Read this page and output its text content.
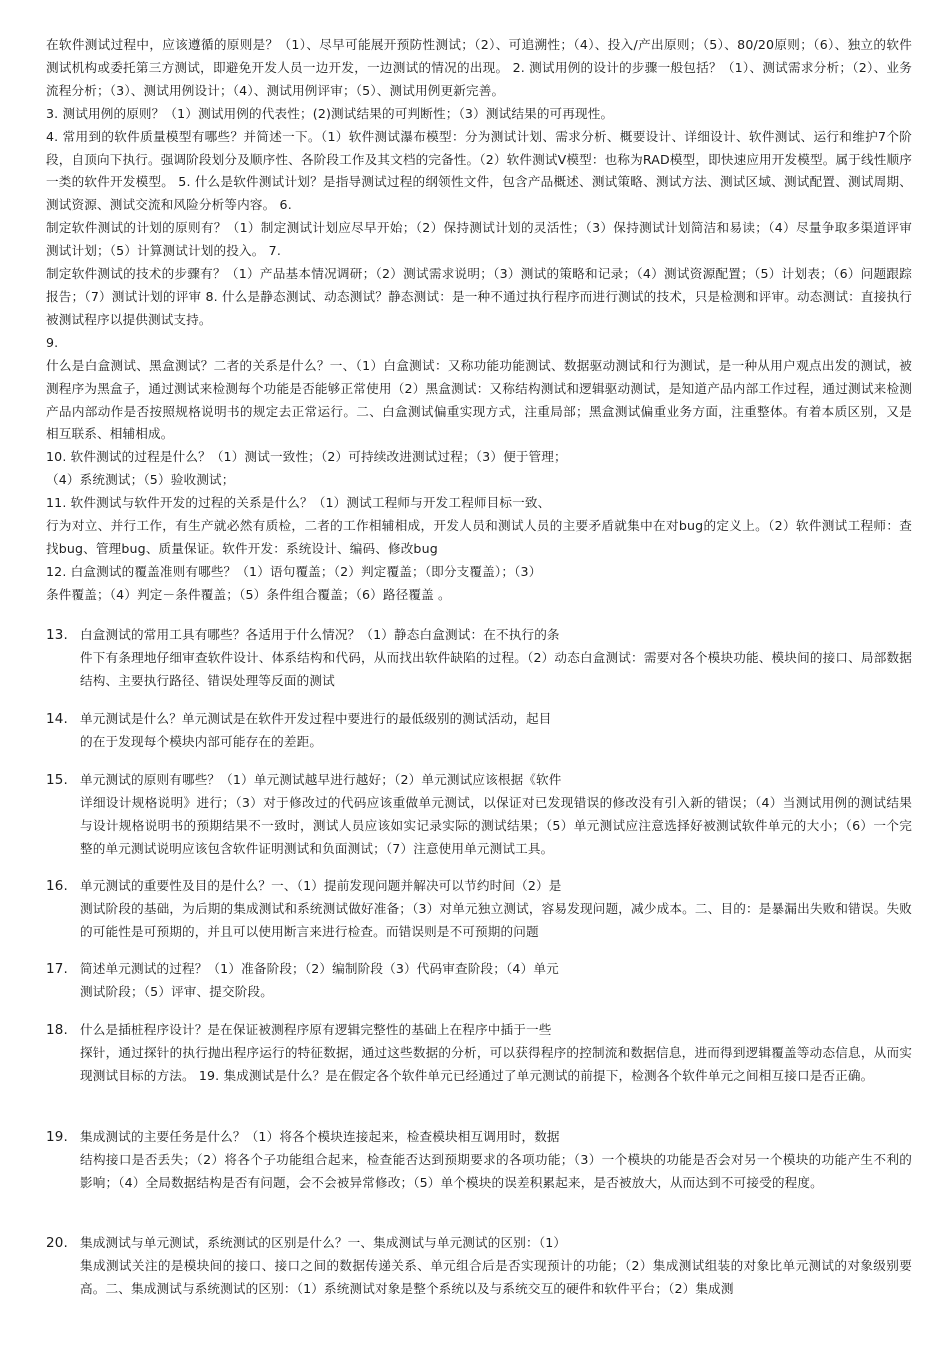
在软件测试过程中，应该遵循的原则是？（1）、尽早可能展开预防性测试；（2）、可追溯性；（4）、投入/产出原则；（5）、80/20原则；（6）、独立的软件测试机构或委托第三方测试，即避免开发人员一边开发，一边测试的情况的出现。 2. 测试用例的设计的步骤一般包括？（1）、测试需求分析；（2）、业务流程分析；（3）、测试用例设计；（4）、测试用例评审；（5）、测试用例更新完善。

3. 测试用例的原则？（1）测试用例的代表性；(2)测试结果的可判断性；（3）测试结果的可再现性。

4. 常用到的软件质量模型有哪些？并简述一下。（1）软件测试瀑布模型：分为测试计划、需求分析、概要设计、详细设计、软件测试、运行和维护7个阶段，自顶向下执行。强调阶段划分及顺序性、各阶段工作及其文档的完备性。（2）软件测试V模型：也称为RAD模型，即快速应用开发模型。属于线性顺序一类的软件开发模型。 5. 什么是软件测试计划？是指导测试过程的纲领性文件，包含产品概述、测试策略、测试方法、测试区域、测试配置、测试周期、测试资源、测试交流和风险分析等内容。 6.

制定软件测试的计划的原则有？（1）制定测试计划应尽早开始；（2）保持测试计划的灵活性；（3）保持测试计划简洁和易读；（4）尽量争取多渠道评审测试计划；（5）计算测试计划的投入。 7.

制定软件测试的技术的步骤有？（1）产品基本情况调研；（2）测试需求说明；（3）测试的策略和记录；（4）测试资源配置；（5）计划表；（6）问题跟踪报告；（7）测试计划的评审 8. 什么是静态测试、动态测试？静态测试：是一种不通过执行程序而进行测试的技术，只是检测和评审。动态测试：直接执行被测试程序以提供测试支持。

9.

什么是白盒测试、黑盒测试？二者的关系是什么？一、（1）白盒测试：又称功能功能测试、数据驱动测试和行为测试，是一种从用户观点出发的测试，被测程序为黑盒子，通过测试来检测每个功能是否能够正常使用（2）黑盒测试：又称结构测试和逻辑驱动测试，是知道产品内部工作过程，通过测试来检测产品内部动作是否按照规格说明书的规定去正常运行。二、白盒测试偏重实现方式，注重局部；黑盒测试偏重业务方面，注重整体。有着本质区别，又是相互联系、相辅相成。

10. 软件测试的过程是什么？（1）测试一致性；（2）可持续改进测试过程；（3）便于管理；

（4）系统测试；（5）验收测试；

11. 软件测试与软件开发的过程的关系是什么？（1）测试工程师与开发工程师目标一致、

行为对立、并行工作，有生产就必然有质检，二者的工作相辅相成，开发人员和测试人员的主要矛盾就集中在对bug的定义上。（2）软件测试工程师：查找bug、管理bug、质量保证。软件开发：系统设计、编码、修改bug

12. 白盒测试的覆盖准则有哪些？（1）语句覆盖；（2）判定覆盖；（即分支覆盖）；（3）

条件覆盖；（4）判定－条件覆盖；（5）条件组合覆盖；（6）路径覆盖 。

13. 白盒测试的常用工具有哪些？各适用于什么情况？（1）静态白盒测试：在不执行的条
件下有条理地仔细审查软件设计、体系结构和代码，从而找出软件缺陷的过程。（2）动态白盒测试：需要对各个模块功能、模块间的接口、局部数据结构、主要执行路径、错误处理等反面的测试
14. 单元测试是什么？单元测试是在软件开发过程中要进行的最低级别的测试活动，起目
的在于发现每个模块内部可能存在的差距。
15. 单元测试的原则有哪些？（1）单元测试越早进行越好；（2）单元测试应该根据《软件
详细设计规格说明》进行；（3）对于修改过的代码应该重做单元测试，以保证对已发现错误的修改没有引入新的错误；（4）当测试用例的测试结果与设计规格说明书的预期结果不一致时，测试人员应该如实记录实际的测试结果；（5）单元测试应注意选择好被测试软件单元的大小；（6）一个完整的单元测试说明应该包含软件证明测试和负面测试；（7）注意使用单元测试工具。
16. 单元测试的重要性及目的是什么？一、（1）提前发现问题并解决可以节约时间（2）是
测试阶段的基础，为后期的集成测试和系统测试做好准备；（3）对单元独立测试，容易发现问题，减少成本。二、目的：是暴漏出失败和错误。失败的可能性是可预期的，并且可以使用断言来进行检查。而错误则是不可预期的问题
17. 简述单元测试的过程？（1）准备阶段；（2）编制阶段（3）代码审查阶段；（4）单元
测试阶段；（5）评审、提交阶段。
18. 什么是插桩程序设计？是在保证被测程序原有逻辑完整性的基础上在程序中插于一些
探针，通过探针的执行抛出程序运行的特征数据，通过这些数据的分析，可以获得程序的控制流和数据信息，进而得到逻辑覆盖等动态信息，从而实现测试目标的方法。 19. 集成测试是什么？是在假定各个软件单元已经通过了单元测试的前提下，检测各个软件单元之间相互接口是否正确。
19. 集成测试的主要任务是什么？（1）将各个模块连接起来，检查模块相互调用时，数据
结构接口是否丢失；（2）将各个子功能组合起来，检查能否达到预期要求的各项功能；（3）一个模块的功能是否会对另一个模块的功能产生不利的影响；（4）全局数据结构是否有问题，会不会被异常修改；（5）单个模块的误差积累起来，是否被放大，从而达到不可接受的程度。
20. 集成测试与单元测试，系统测试的区别是什么？一、集成测试与单元测试的区别：（1）
集成测试关注的是模块间的接口、接口之间的数据传递关系、单元组合后是否实现预计的功能；（2）集成测试组装的对象比单元测试的对象级别要高。二、集成测试与系统测试的区别：（1）系统测试对象是整个系统以及与系统交互的硬件和软件平台；（2）集成测
